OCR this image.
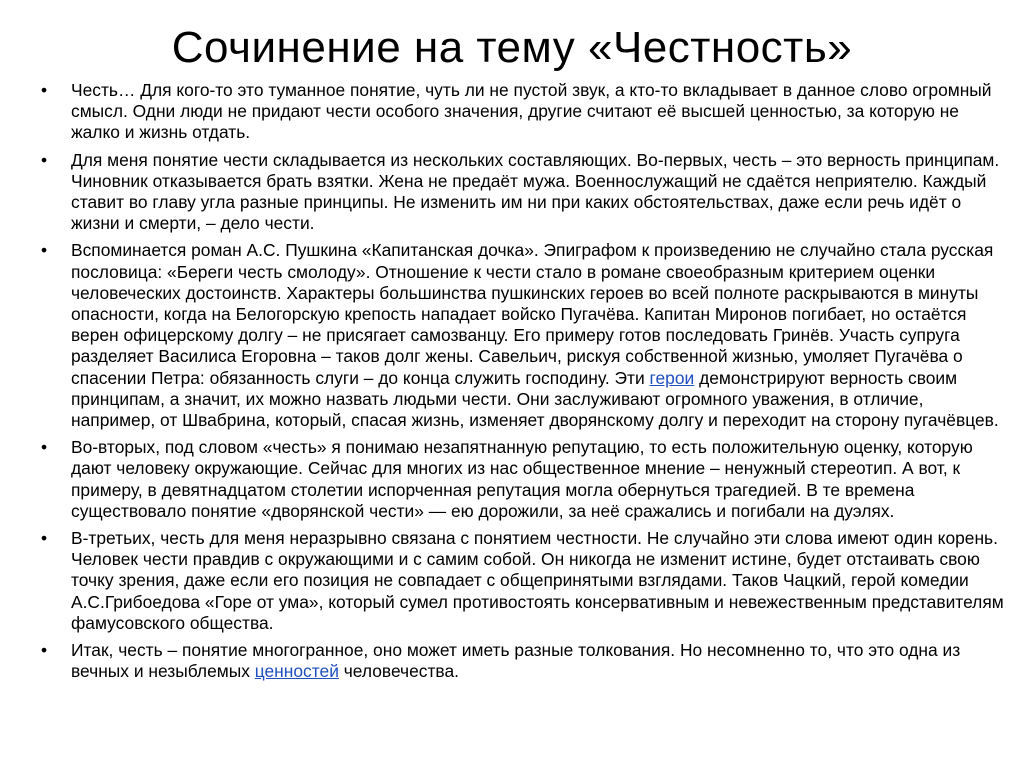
Сочинение на тему «Честность»
• Честь… Для кого-то это туманное понятие, чуть ли не пустой звук, а кто-то вкладывает в данное слово огромный смысл. Одни люди не придают чести особого значения, другие считают её высшей ценностью, за которую не жалко и жизнь отдать.
• Для меня понятие чести складывается из нескольких составляющих. Во-первых, честь – это верность принципам. Чиновник отказывается брать взятки. Жена не предаёт мужа. Военнослужащий не сдаётся неприятелю. Каждый ставит во главу угла разные принципы. Не изменить им ни при каких обстоятельствах, даже если речь идёт о жизни и смерти, – дело чести.
• Вспоминается роман А.С. Пушкина «Капитанская дочка». Эпиграфом к произведению не случайно стала русская пословица: «Береги честь смолоду». Отношение к чести стало в романе своеобразным критерием оценки человеческих достоинств. Характеры большинства пушкинских героев во всей полноте раскрываются в минуты опасности, когда на Белогорскую крепость нападает войско Пугачёва. Капитан Миронов погибает, но остаётся верен офицерскому долгу – не присягает самозванцу. Его примеру готов последовать Гринёв. Участь супруга разделяет Василиса Егоровна – таков долг жены. Савельич, рискуя собственной жизнью, умоляет Пугачёва о спасении Петра: обязанность слуги – до конца служить господину. Эти герои демонстрируют верность своим принципам, а значит, их можно назвать людьми чести. Они заслуживают огромного уважения, в отличие, например, от Швабрина, который, спасая жизнь, изменяет дворянскому долгу и переходит на сторону пугачёвцев.
• Во-вторых, под словом «честь» я понимаю незапятнанную репутацию, то есть положительную оценку, которую дают человеку окружающие. Сейчас для многих из нас общественное мнение – ненужный стереотип. А вот, к примеру, в девятнадцатом столетии испорченная репутация могла обернуться трагедией. В те времена существовало понятие «дворянской чести» — ею дорожили, за неё сражались и погибали на дуэлях.
• В-третьих, честь для меня неразрывно связана с понятием честности. Не случайно эти слова имеют один корень. Человек чести правдив с окружающими и с самим собой. Он никогда не изменит истине, будет отстаивать свою точку зрения, даже если его позиция не совпадает с общепринятыми взглядами. Таков Чацкий, герой комедии А.С.Грибоедова «Горе от ума», который сумел противостоять консервативным и невежественным представителям фамусовского общества.
• Итак, честь – понятие многогранное, оно может иметь разные толкования. Но несомненно то, что это одна из вечных и незыблемых ценностей человечества.
